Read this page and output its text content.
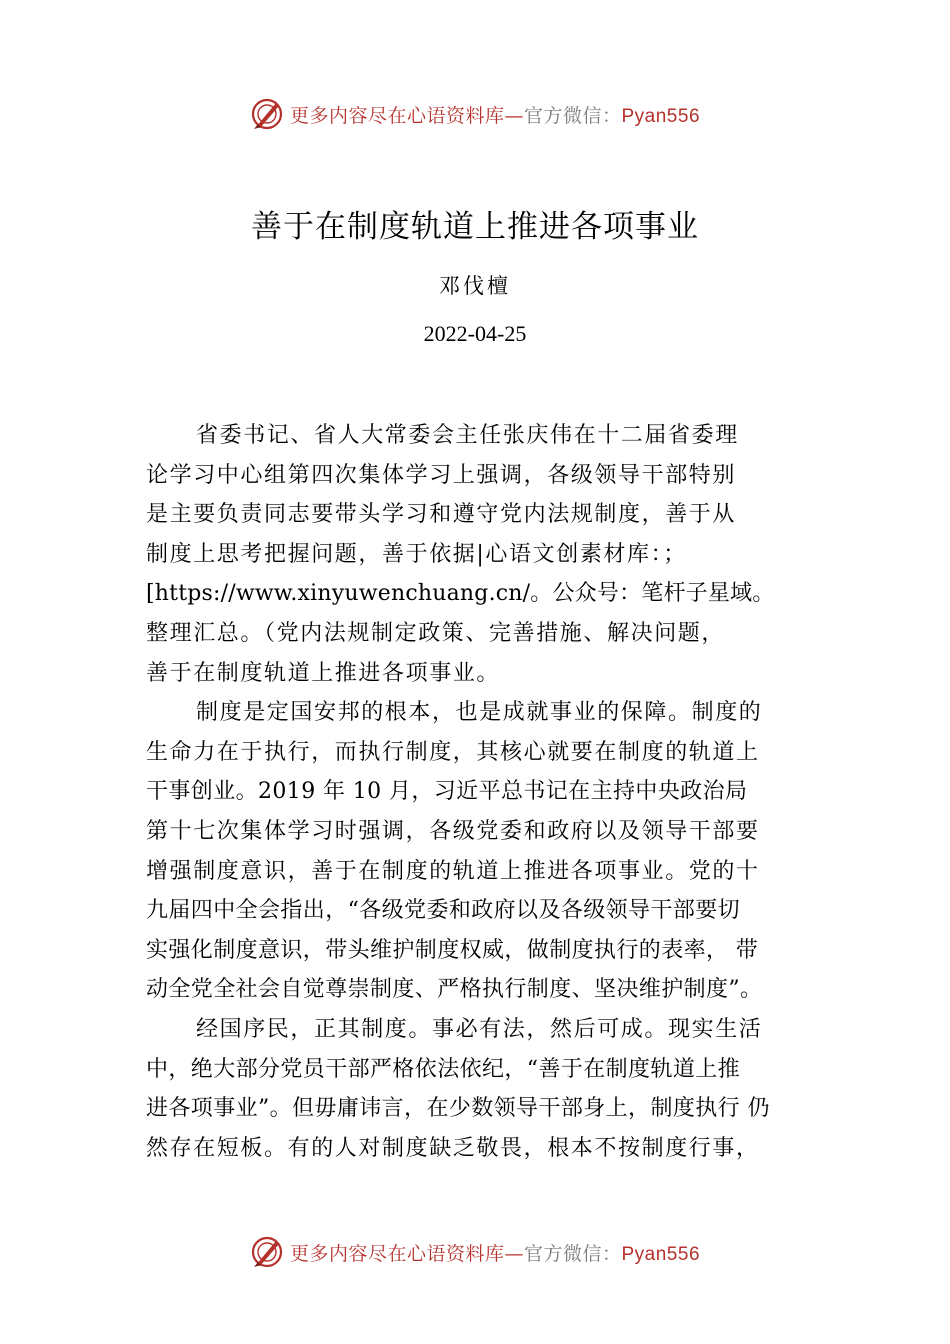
更多内容尽在心语资料库—官方微信：Pyan556
善于在制度轨道上推进各项事业
邓伐檀
2022-04-25
省委书记、省人大常委会主任张庆伟在十二届省委理
论学习中心组第四次集体学习上强调，各级领导干部特别
是主要负责同志要带头学习和遵守党内法规制度，善于从
制度上思考把握问题，善于依据|心语文创素材库：；
[https://www.xinyuwenchuang.cn/。公众号：笔杆子星域。
整理汇总。（党内法规制定政策、完善措施、解决问题，
善于在制度轨道上推进各项事业。
制度是定国安邦的根本，也是成就事业的保障。制度的
生命力在于执行，而执行制度，其核心就要在制度的轨道上
干事创业。2019 年 10 月，习近平总书记在主持中央政治局
第十七次集体学习时强调，各级党委和政府以及领导干部要
增强制度意识，善于在制度的轨道上推进各项事业。党的十
九届四中全会指出，“各级党委和政府以及各级领导干部要切
实强化制度意识，带头维护制度权威，做制度执行的表率， 带
动全党全社会自觉尊崇制度、严格执行制度、坚决维护制度”。
经国序民，正其制度。事必有法，然后可成。现实生活
中，绝大部分党员干部严格依法依纪，“善于在制度轨道上推
进各项事业”。但毋庸讳言，在少数领导干部身上，制度执行 仍
然存在短板。有的人对制度缺乏敬畏，根本不按制度行事，
更多内容尽在心语资料库—官方微信：Pyan556
